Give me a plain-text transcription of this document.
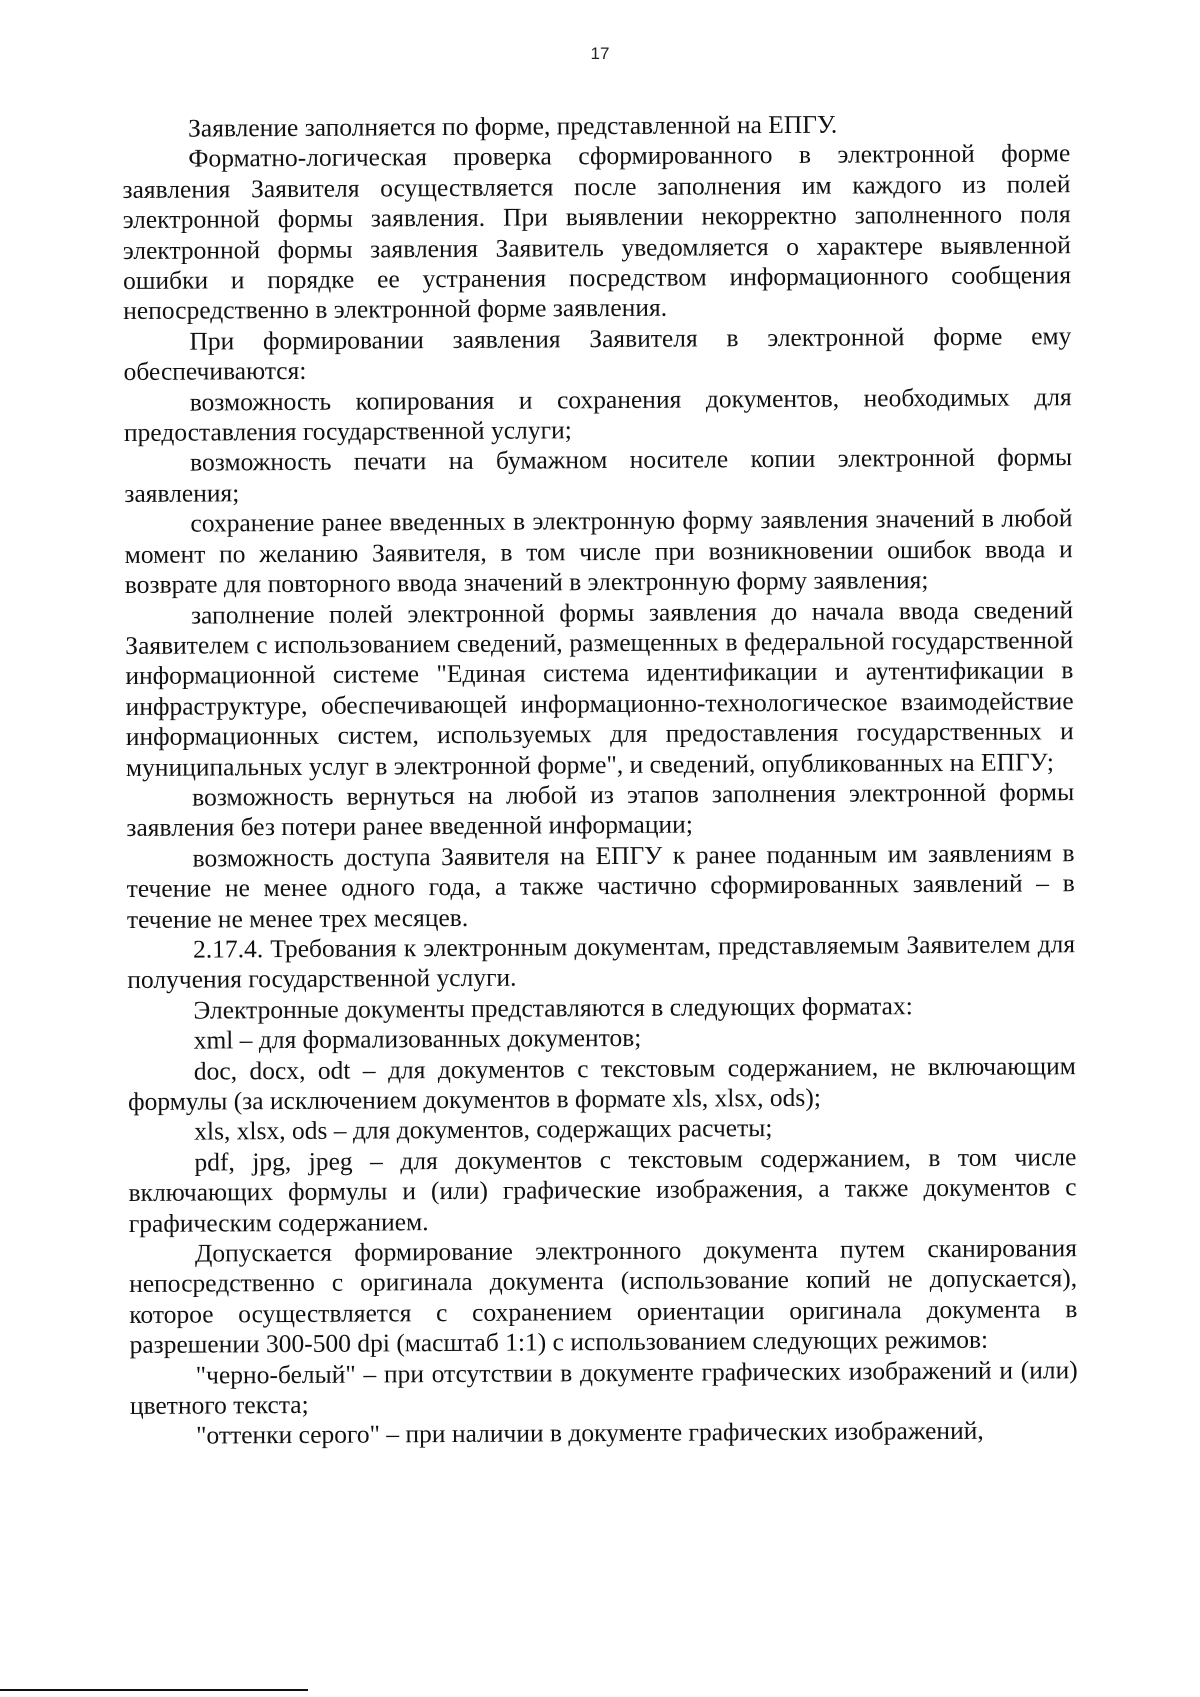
17

Заявление заполняется по форме, представленной на ЕПГУ.

Форматно-логическая проверка сформированного в электронной форме заявления Заявителя осуществляется после заполнения им каждого из полей электронной формы заявления. При выявлении некорректно заполненного поля электронной формы заявления Заявитель уведомляется о характере выявленной ошибки и порядке ее устранения посредством информационного сообщения непосредственно в электронной форме заявления.

При формировании заявления Заявителя в электронной форме ему обеспечиваются:

возможность копирования и сохранения документов, необходимых для предоставления государственной услуги;

возможность печати на бумажном носителе копии электронной формы заявления;

сохранение ранее введенных в электронную форму заявления значений в любой момент по желанию Заявителя, в том числе при возникновении ошибок ввода и возврате для повторного ввода значений в электронную форму заявления;

заполнение полей электронной формы заявления до начала ввода сведений Заявителем с использованием сведений, размещенных в федеральной государственной информационной системе "Единая система идентификации и аутентификации в инфраструктуре, обеспечивающей информационно-технологическое взаимодействие информационных систем, используемых для предоставления государственных и муниципальных услуг в электронной форме", и сведений, опубликованных на ЕПГУ;

возможность вернуться на любой из этапов заполнения электронной формы заявления без потери ранее введенной информации;

возможность доступа Заявителя на ЕПГУ к ранее поданным им заявлениям в течение не менее одного года, а также частично сформированных заявлений – в течение не менее трех месяцев.

2.17.4. Требования к электронным документам, представляемым Заявителем для получения государственной услуги.

Электронные документы представляются в следующих форматах:

xml – для формализованных документов;

doc, docx, odt – для документов с текстовым содержанием, не включающим формулы (за исключением документов в формате xls, xlsx, ods);

xls, xlsx, ods – для документов, содержащих расчеты;

pdf, jpg, jpeg – для документов с текстовым содержанием, в том числе включающих формулы и (или) графические изображения, а также документов с графическим содержанием.

Допускается формирование электронного документа путем сканирования непосредственно с оригинала документа (использование копий не допускается), которое осуществляется с сохранением ориентации оригинала документа в разрешении 300-500 dpi (масштаб 1:1) с использованием следующих режимов:

"черно-белый" – при отсутствии в документе графических изображений и (или) цветного текста;

"оттенки серого" – при наличии в документе графических изображений,
